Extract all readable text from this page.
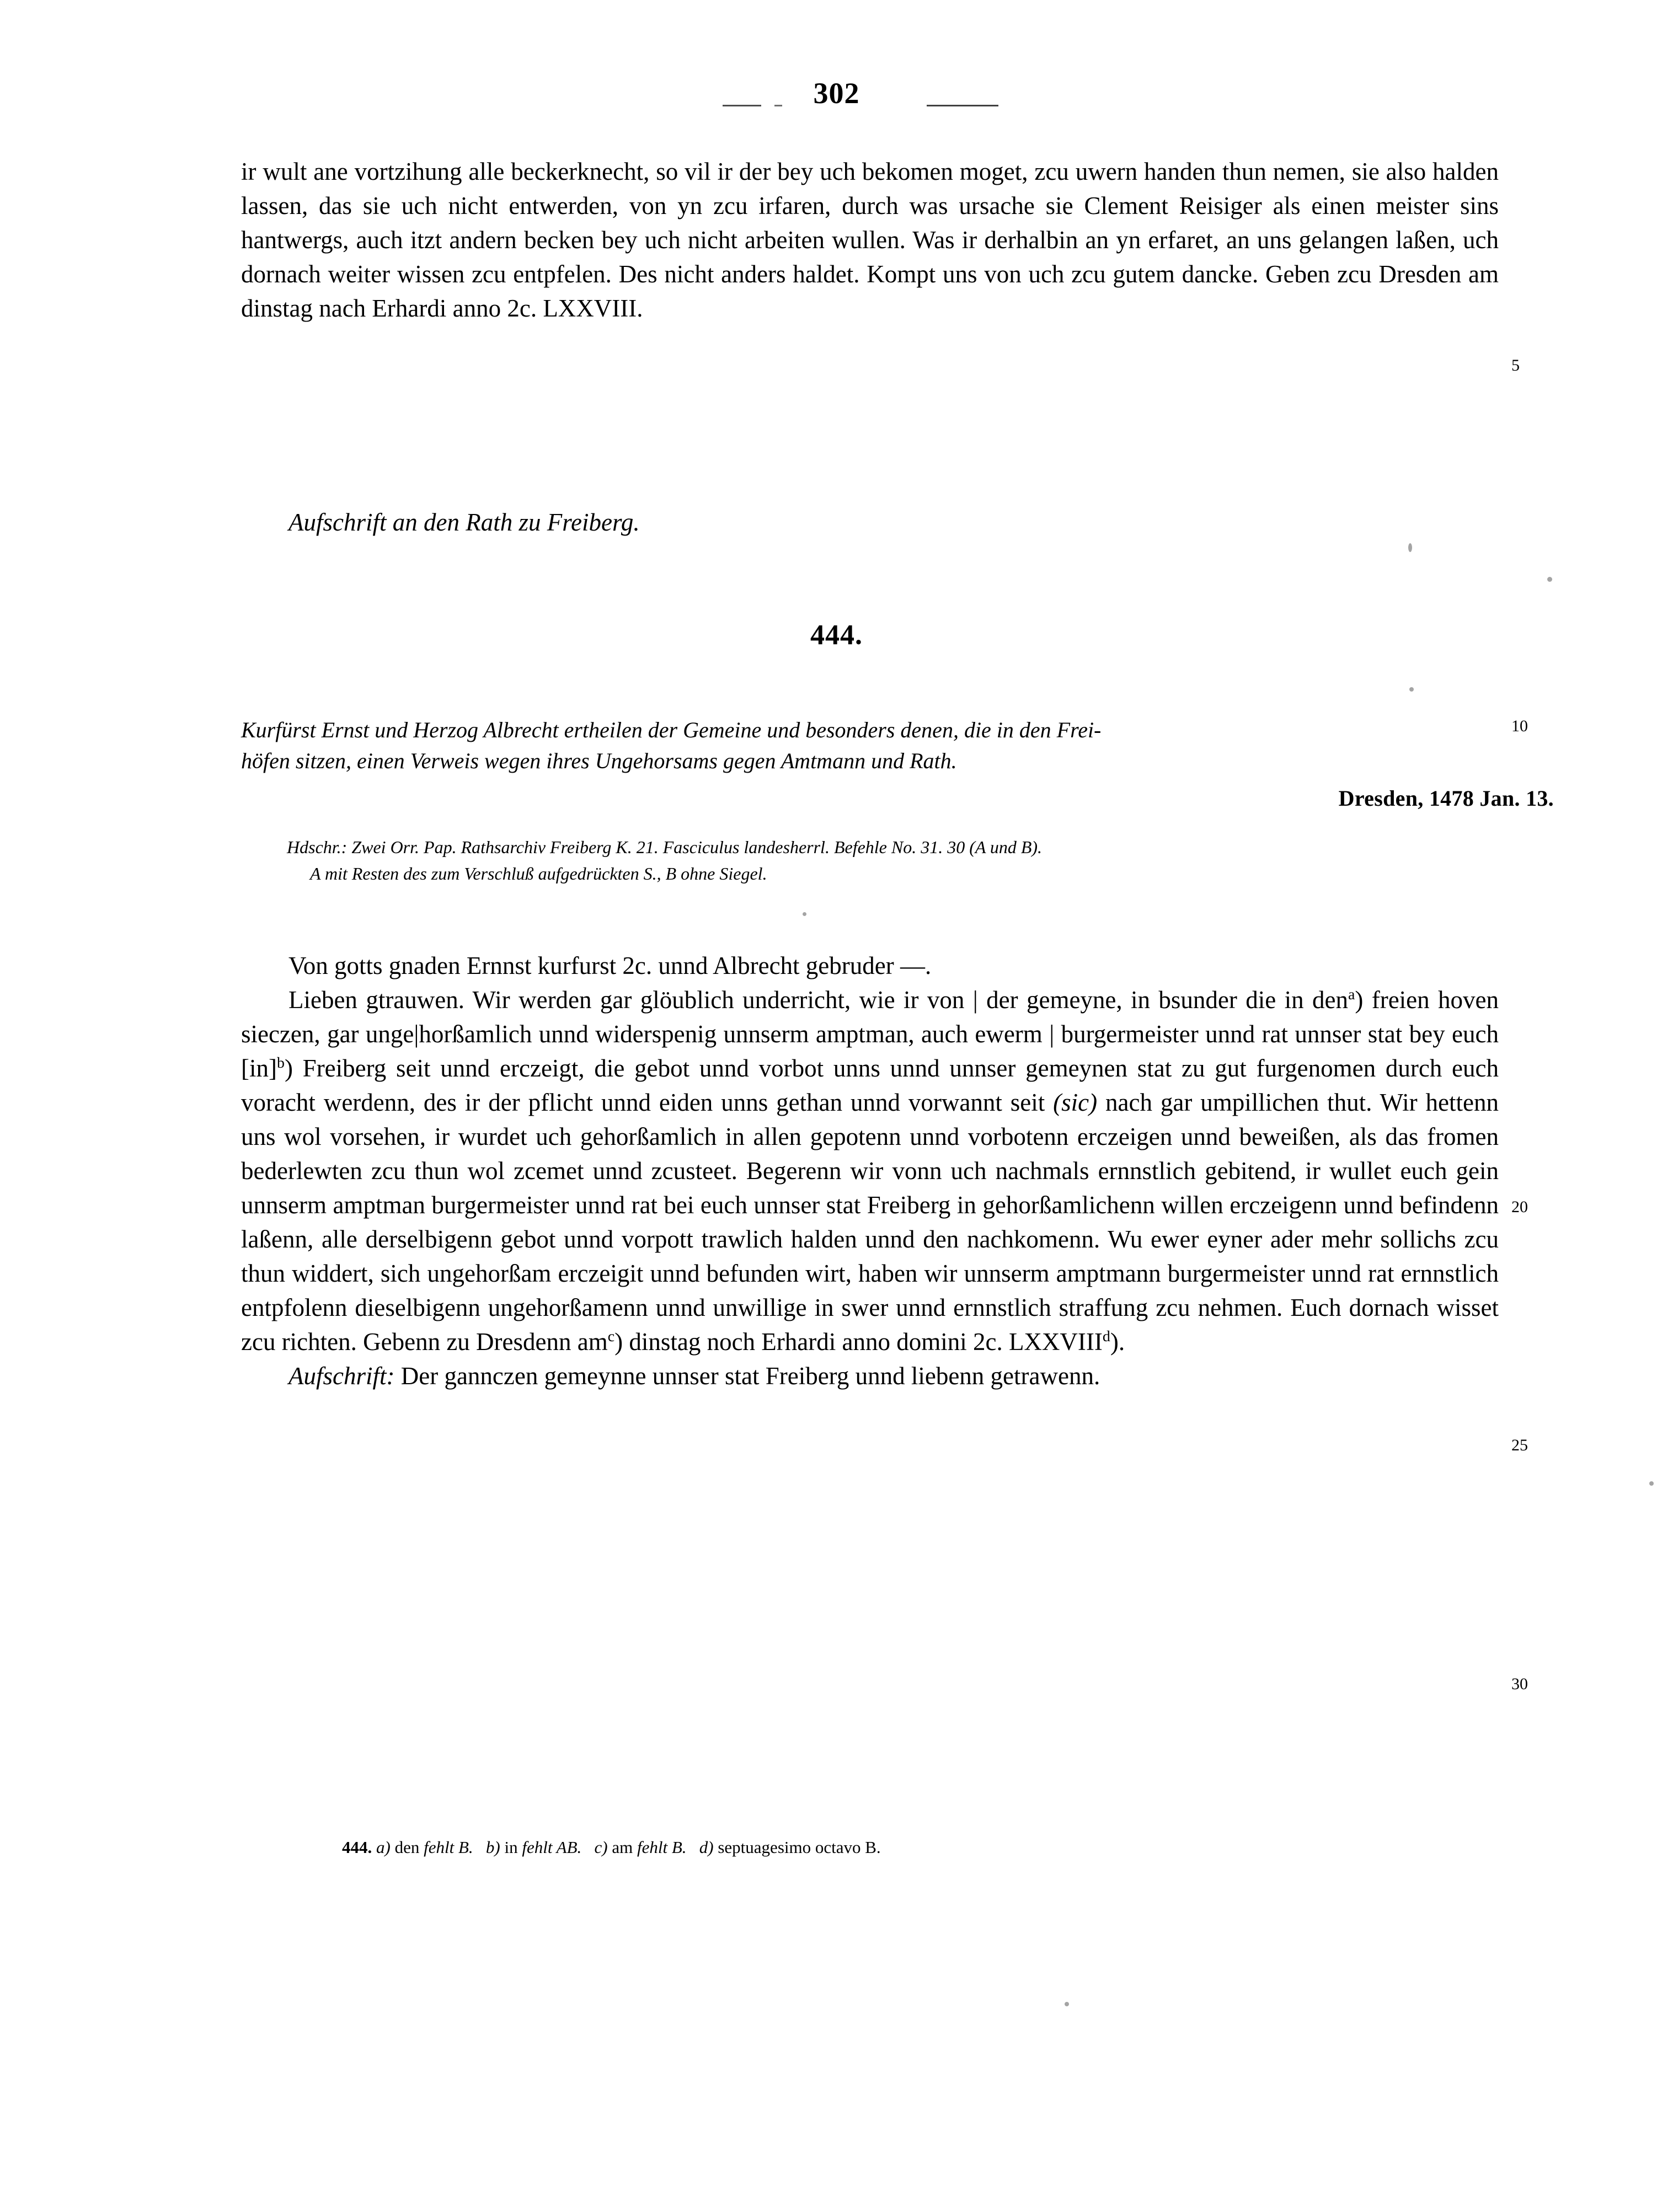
302

ir wult ane vortzihung alle beckerknecht, so vil ir der bey uch bekomen moget, zcu uwern handen thun nemen, sie also halden lassen, das sie uch nicht entwerden, von yn zcu irfaren, durch was ursache sie Clement Reisiger als einen meister sins hantwergs, auch itzt andern becken bey uch nicht arbeiten wullen. Was ir derhalbin an yn erfaret, an uns gelangen laßen, uch dornach weiter wissen zcu entpfelen. Des nicht anders haldet. Kompt uns von uch zcu gutem dancke. Geben zcu Dresden am dinstag nach Erhardi anno 2c. LXXVIII.

5

Aufschrift an den Rath zu Freiberg.

444.

Kurfürst Ernst und Herzog Albrecht ertheilen der Gemeine und besonders denen, die in den Frei-

höfen sitzen, einen Verweis wegen ihres Ungehorsams gegen Amtmann und Rath.

10
Dresden, 1478 Jan. 13.

Hdschr.: Zwei Orr. Pap. Rathsarchiv Freiberg K. 21. Fasciculus landesherrl. Befehle No. 31. 30 (A und B).

A mit Resten des zum Verschluß aufgedrückten S., B ohne Siegel.

Von gotts gnaden Ernnst kurfurst 2c. unnd Albrecht gebruder —.

Lieben gtrauwen. Wir werden gar glöublich underricht, wie ir von | der gemeyne, in bsunder die in den$^a$) freien hoven sieczen, gar unge|horßamlich unnd widerspenig unnserm amptman, auch ewerm | burgermeister unnd rat unnser stat bey euch [in]$^b$) Freiberg seit unnd erczeigt, die gebot unnd vorbot unns unnd unnser gemeynen stat zu gut furgenomen durch euch voracht werdenn, des ir der pflicht unnd eiden unns gethan unnd vorwannt seit (sic) nach gar umpillichen thut. Wir hettenn uns wol vorsehen, ir wurdet uch gehorßamlich in allen gepotenn unnd vorbotenn erczeigen unnd beweißen, als das fromen bederlewten zcu thun wol zcemet unnd zcusteet. Begerenn wir vonn uch nachmals ernnstlich gebitend, ir wullet euch gein unnserm amptman burgermeister unnd rat bei euch unnser stat Freiberg in gehorßamlichenn willen erczeigenn unnd befindenn laßenn, alle derselbigenn gebot unnd vorpott trawlich halden unnd den nachkomenn. Wu ewer eyner ader mehr sollichs zcu thun widdert, sich ungehorßam erczeigit unnd befunden wirt, haben wir unnserm amptmann burgermeister unnd rat ernnstlich entpfolenn dieselbigenn ungehorßamenn unnd unwillige in swer unnd ernnstlich straffung zcu nehmen. Euch dornach wisset zcu richten. Gebenn zu Dresdenn $am^c$) dinstag noch Erhardi anno domini 2c. LXXVIII$^d$).

Aufschrift: Der gannczen gemeynne unnser stat Freiberg unnd liebenn getrawenn.

20
25
30
444. a) den fehlt B. b) in fehlt AB. c) am fehlt B. d) septuagesimo octavo B.
